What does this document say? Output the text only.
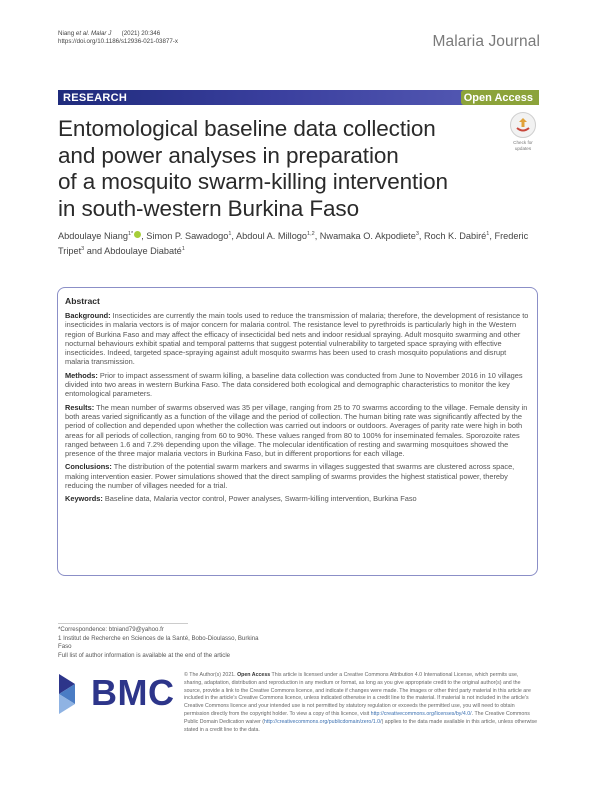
Niang et al. Malar J (2021) 20:346
https://doi.org/10.1186/s12936-021-03877-x	Malaria Journal
RESEARCH	Open Access
Entomological baseline data collection
and power analyses in preparation
of a mosquito swarm-killing intervention
in south-western Burkina Faso
Check for
updates
Abdoulaye Niang$^{1*}$ , Simon P. Sawadogo$^1$, Abdoul A. Millogo$^{1,2}$, Nwamaka O. Akpodiete$^3$, Roch K. Dabiré$^1$, Frederic Tripet$^3$ and Abdoulaye Diabaté$^1$
Abstract

Background: Insecticides are currently the main tools used to reduce the transmission of malaria; therefore, the development of resistance to insecticides in malaria vectors is of major concern for malaria control. The resistance level to pyrethroids is particularly high in the Western region of Burkina Faso and may affect the efficacy of insecticidal bed nets and indoor residual spraying. Adult mosquito swarming and other nocturnal behaviours exhibit spatial and temporal patterns that suggest potential vulnerability to targeted space spraying with effective insecticides. Indeed, targeted space-spraying against adult mosquito swarms has been used to crash mosquito populations and disrupt malaria transmission.

Methods: Prior to impact assessment of swarm killing, a baseline data collection was conducted from June to November 2016 in 10 villages divided into two areas in western Burkina Faso. The data considered both ecological and demographic characteristics to monitor the key entomological parameters.

Results: The mean number of swarms observed was 35 per village, ranging from 25 to 70 swarms according to the village. Female density in both areas varied significantly as a function of the village and the period of collection. The human biting rate was significantly affected by the period of collection and depended upon whether the collection was carried out indoors or outdoors. Averages of parity rate were high in both areas for all periods of collection, ranging from 60 to 90%. These values ranged from 80 to 100% for inseminated females. Sporozoite rates ranged between 1.6 and 7.2% depending upon the village. The molecular identification of resting and swarming mosquitoes showed the presence of the three major malaria vectors in Burkina Faso, but in different proportions for each village.

Conclusions: The distribution of the potential swarm markers and swarms in villages suggested that swarms are clustered across space, making intervention easier. Power simulations showed that the direct sampling of swarms provides the highest statistical power, thereby reducing the number of villages needed for a trial.

Keywords: Baseline data, Malaria vector control, Power analyses, Swarm-killing intervention, Burkina Faso

*Correspondence: btniand79@yahoo.fr
1 Institut de Recherche en Sciences de la Santé, Bobo-Dioulasso, Burkina
Faso
Full list of author information is available at the end of the article
BMC © The Author(s) 2021. Open Access This article is licensed under a Creative Commons Attribution 4.0 International License, which permits use, sharing, adaptation, distribution and reproduction in any medium or format, as long as you give appropriate credit to the original author(s) and the source, provide a link to the Creative Commons licence, and indicate if changes were made. The images or other third party material in this article are included in the article's Creative Commons licence, unless indicated otherwise in a credit line to the material. If material is not included in the article's Creative Commons licence and your intended use is not permitted by statutory regulation or exceeds the permitted use, you will need to obtain permission directly from the copyright holder. To view a copy of this licence, visit http://creativecommons.org/licenses/by/4.0/. The Creative Commons Public Domain Dedication waiver (http://creativecommons.org/publicdomain/zero/1.0/) applies to the data made available in this article, unless otherwise stated in a credit line to the data.
